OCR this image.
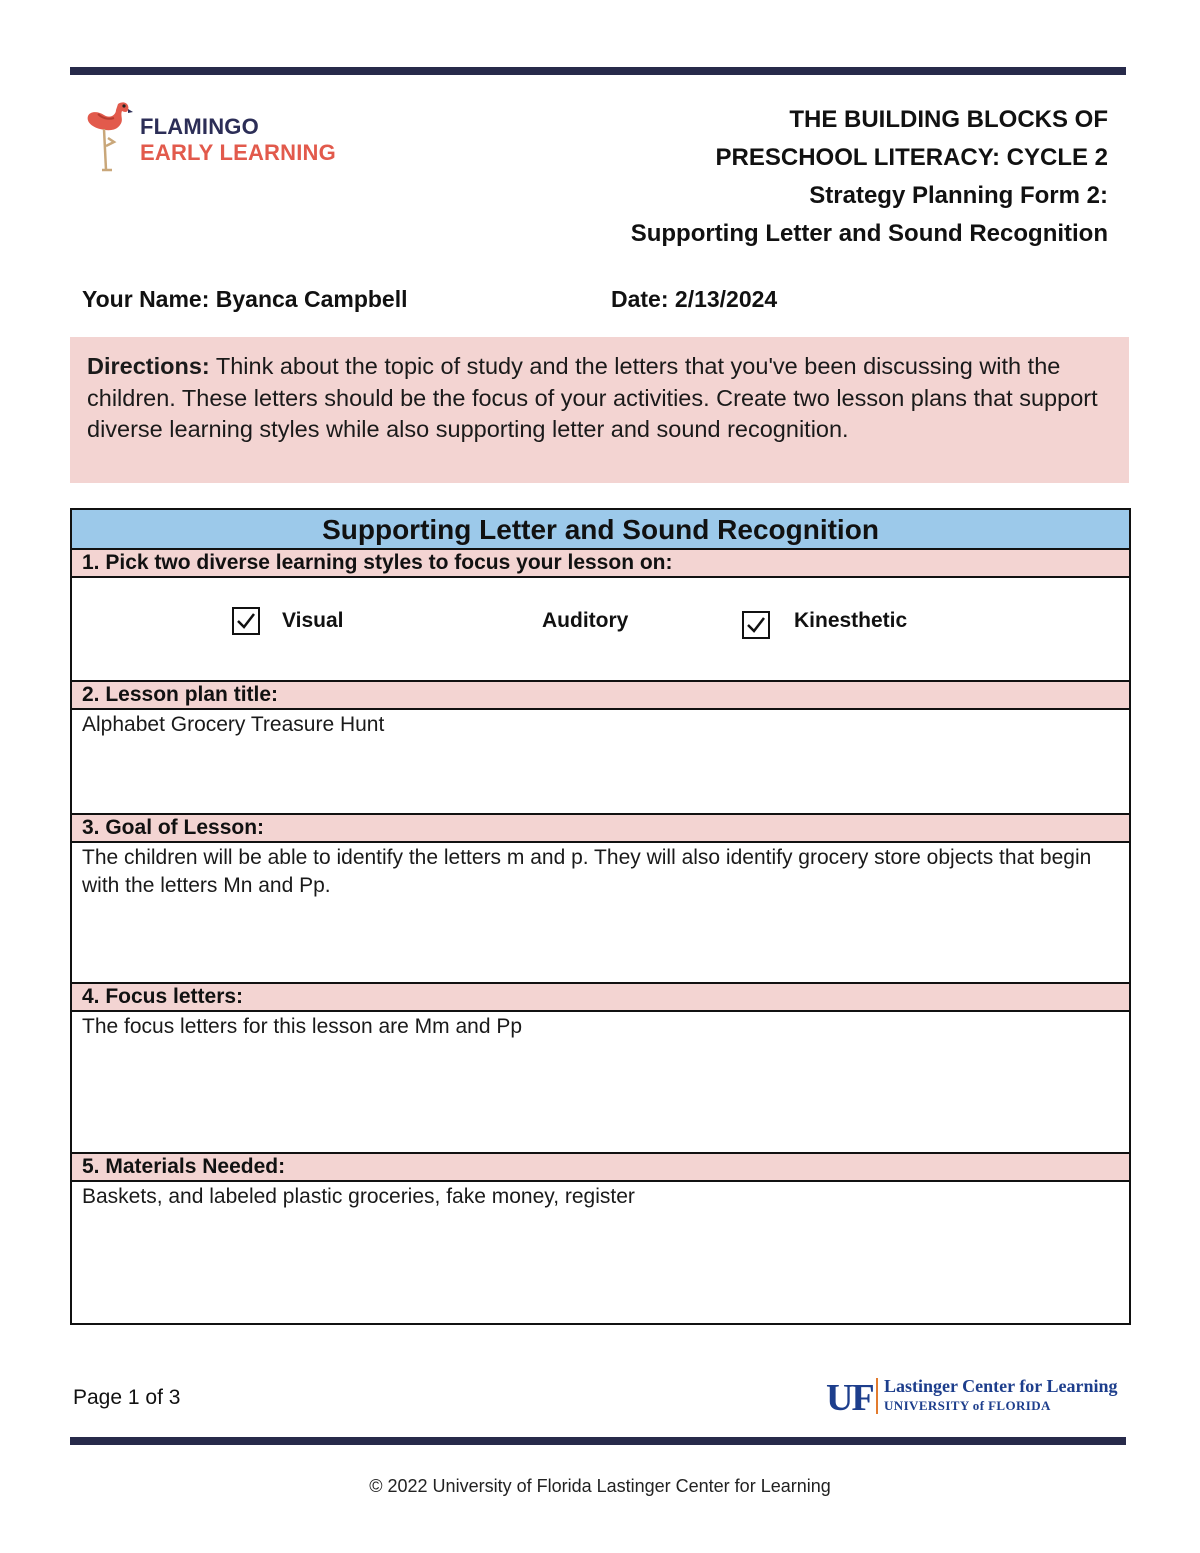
FLAMINGO
EARLY LEARNING
THE BUILDING BLOCKS OF
PRESCHOOL LITERACY: CYCLE 2
Strategy Planning Form 2:
Supporting Letter and Sound Recognition
Your Name: Byanca Campbell	Date: 2/13/2024
Directions: Think about the topic of study and the letters that you've been discussing with the children. These letters should be the focus of your activities. Create two lesson plans that support diverse learning styles while also supporting letter and sound recognition.
Supporting Letter and Sound Recognition
1. Pick two diverse learning styles to focus your lesson on:
Visual	Auditory	Kinesthetic
2. Lesson plan title:
Alphabet Grocery Treasure Hunt
3. Goal of Lesson:
The children will be able to identify the letters m and p. They will also identify grocery store objects that begin with the letters Mn and Pp.
4. Focus letters:
The focus letters for this lesson are Mm and Pp
5. Materials Needed:
Baskets, and labeled plastic groceries, fake money, register
Page 1 of 3	UF Lastinger Center for Learning
UNIVERSITY of FLORIDA
© 2022 University of Florida Lastinger Center for Learning
